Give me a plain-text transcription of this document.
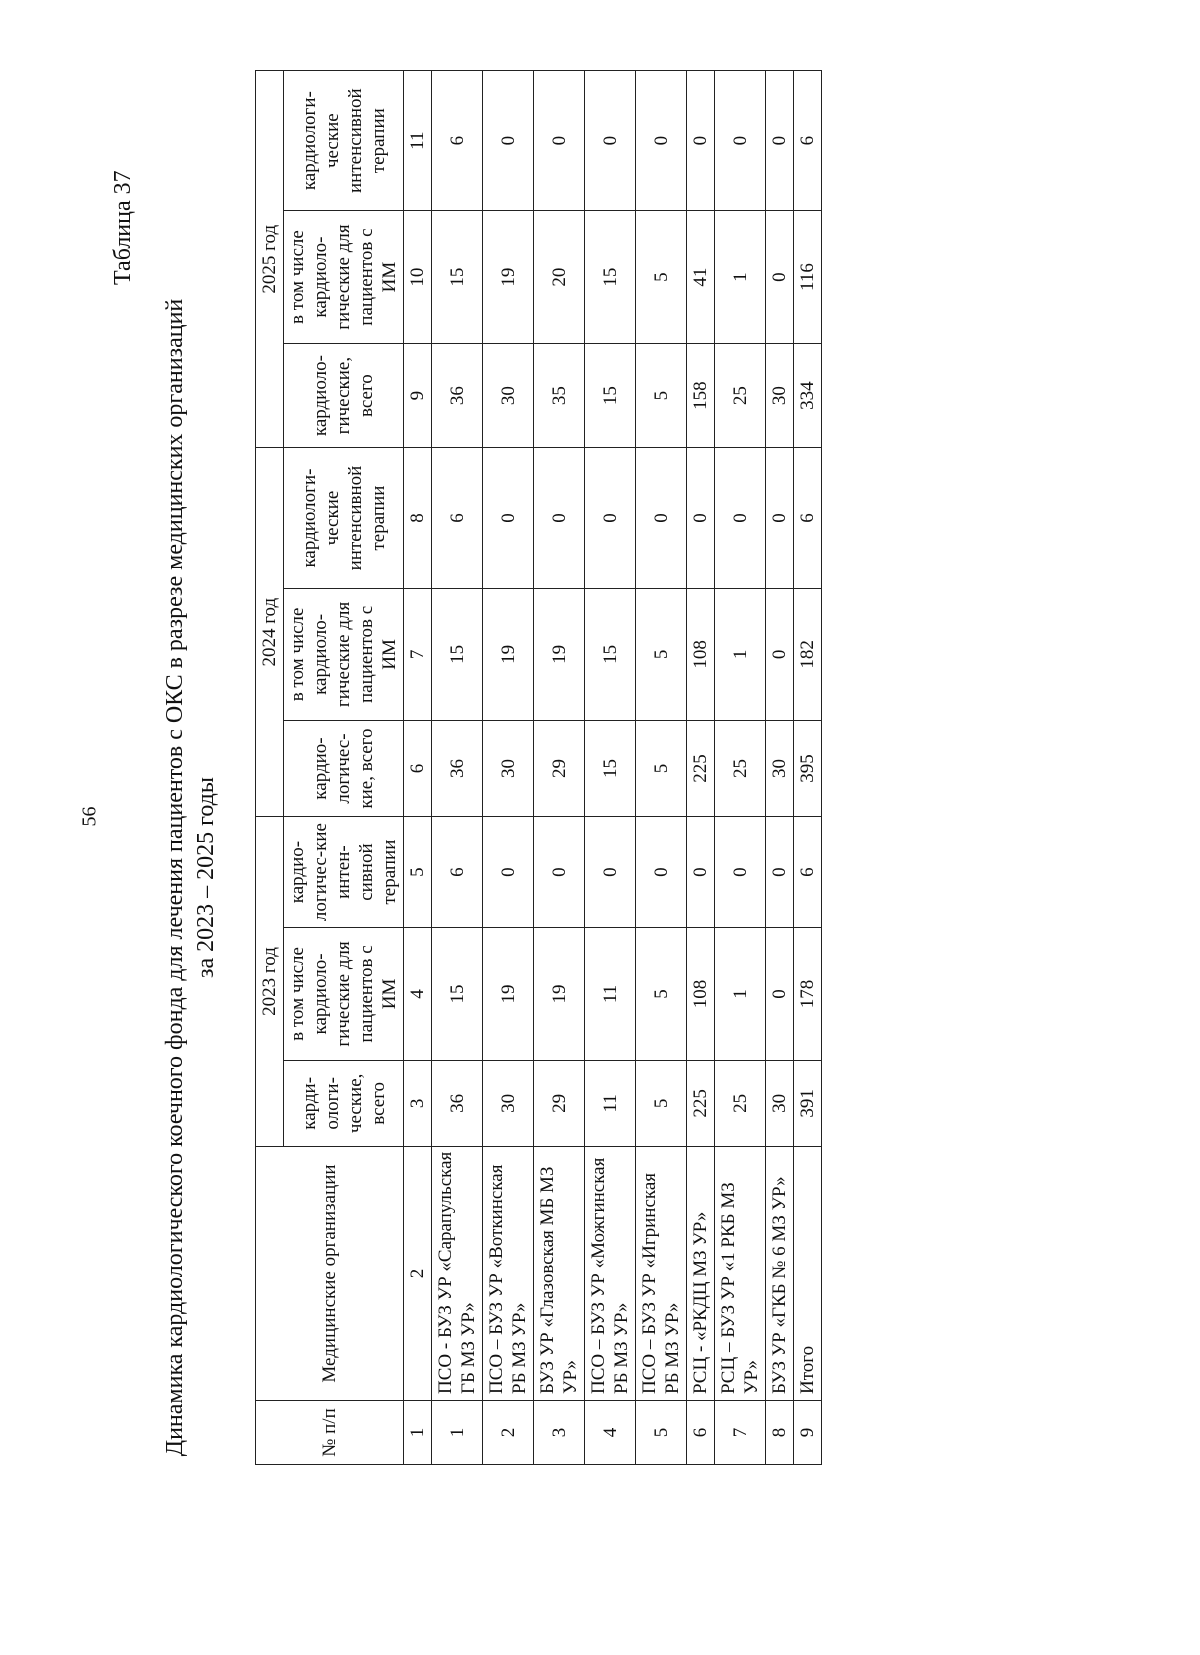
56
Таблица 37
Динамика кардиологического коечного фонда для лечения пациентов с ОКС в разрезе медицинских организаций за 2023 – 2025 годы
№ п/п	Медицинские организации	2023 год			2024 год			2025 год		
		карди-ологи-ческие, всего	в том числе кардиоло-гические для пациентов с ИМ	кардио-логичес-кие интен-сивной терапии	кардио-логичес-кие, всего	в том числе кардиоло-гические для пациентов с ИМ	кардиологи-ческие интенсивной терапии	кардиоло-гические, всего	в том числе кардиоло-гические для пациентов с ИМ	кардиологи-ческие интенсивной терапии
1	2	3	4	5	6	7	8	9	10	11
1	ПСО - БУЗ УР «Сарапульская ГБ МЗ УР»	36	15	6	36	15	6	36	15	6
2	ПСО – БУЗ УР «Воткинская РБ МЗ УР»	30	19	0	30	19	0	30	19	0
3	БУЗ УР «Глазовская МБ МЗ УР»	29	19	0	29	19	0	35	20	0
4	ПСО – БУЗ УР «Можгинская РБ МЗ УР»	11	11	0	15	15	0	15	15	0
5	ПСО – БУЗ УР «Игринская РБ МЗ УР»	5	5	0	5	5	0	5	5	0
6	РСЦ - «РКДЦ МЗ УР»	225	108	0	225	108	0	158	41	0
7	РСЦ – БУЗ УР «1 РКБ МЗ УР»	25	1	0	25	1	0	25	1	0
8	БУЗ УР «ГКБ № 6 МЗ УР»	30	0	0	30	0	0	30	0	0
9	Итого	391	178	6	395	182	6	334	116	6
